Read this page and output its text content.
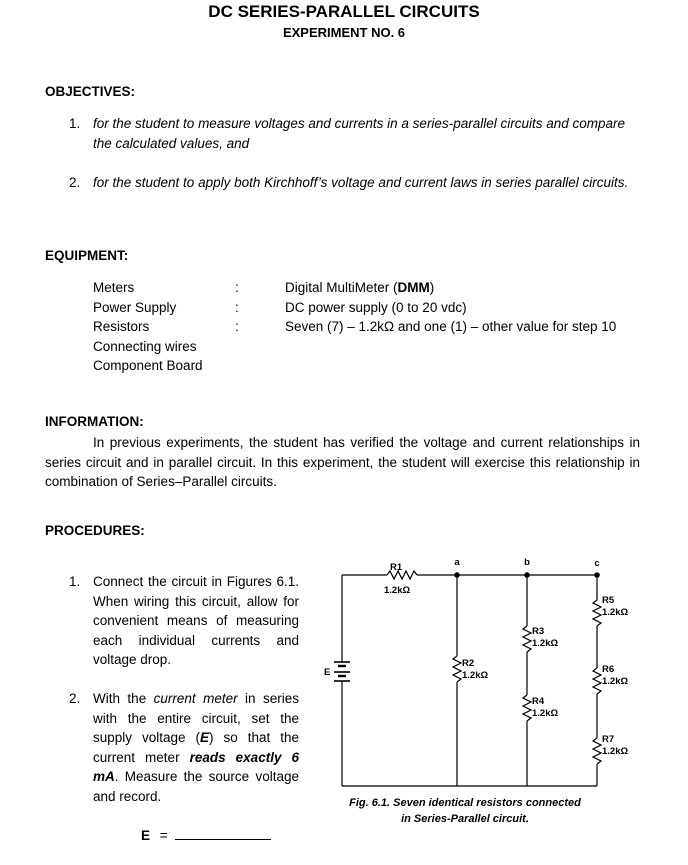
DC SERIES-PARALLEL CIRCUITS
EXPERIMENT NO. 6
OBJECTIVES:
1. for the student to measure voltages and currents in a series-parallel circuits and compare the calculated values, and
2. for the student to apply both Kirchhoff’s voltage and current laws in series parallel circuits.
EQUIPMENT:
Meters	:	Digital MultiMeter (DMM)
Power Supply	:	DC power supply (0 to 20 vdc)
Resistors	:	Seven (7) – 1.2kΩ and one (1) – other value for step 10
Connecting wires
Component Board
INFORMATION:
In previous experiments, the student has verified the voltage and current relationships in series circuit and in parallel circuit. In this experiment, the student will exercise this relationship in combination of Series–Parallel circuits.
PROCEDURES:
1. Connect the circuit in Figures 6.1. When wiring this circuit, allow for convenient means of measuring each individual currents and voltage drop.
2. With the current meter in series with the entire circuit, set the supply voltage (E) so that the current meter reads exactly 6 mA. Measure the source voltage and record.
E =
a	b	c
E
R1
1.2kΩ
R2
1.2kΩ
R3
1.2kΩ
R4
1.2kΩ
R5
1.2kΩ
R6
1.2kΩ
R7
1.2kΩ
Fig. 6.1. Seven identical resistors connected
in Series-Parallel circuit.
